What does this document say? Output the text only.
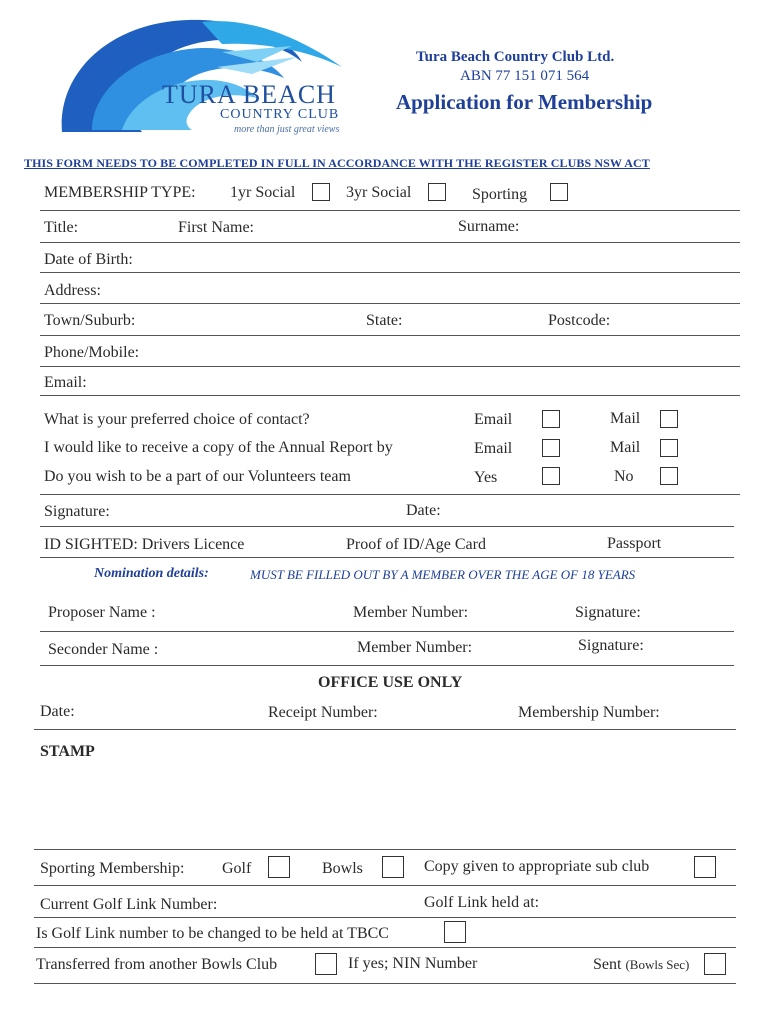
TURA BEACH
COUNTRY CLUB
more than just great views
Tura Beach Country Club Ltd.
ABN 77 151 071 564
Application for Membership
THIS FORM NEEDS TO BE COMPLETED IN FULL IN ACCORDANCE WITH THE REGISTER CLUBS NSW ACT
MEMBERSHIP TYPE: 1yr Social	3yr Social	Sporting
Title:	First Name:	Surname:
Date of Birth:
Address:
Town/Suburb:	State:	Postcode:
Phone/Mobile:
Email:
What is your preferred choice of contact?	Email	Mail
I would like to receive a copy of the Annual Report by	Email	Mail
Do you wish to be a part of our Volunteers team	Yes	No
Signature:	Date:
ID SIGHTED: Drivers Licence	Proof of ID/Age Card	Passport
Nomination details:	MUST BE FILLED OUT BY A MEMBER OVER THE AGE OF 18 YEARS
Proposer Name :	Member Number:	Signature:
Seconder Name :	Member Number:	Signature:
OFFICE USE ONLY
Date:	Receipt Number:	Membership Number:
STAMP
Sporting Membership: Golf	Bowls	Copy given to appropriate sub club
Current Golf Link Number:	Golf Link held at:
Is Golf Link number to be changed to be held at TBCC
Transferred from another Bowls Club	If yes; NIN Number	Sent (Bowls Sec)
